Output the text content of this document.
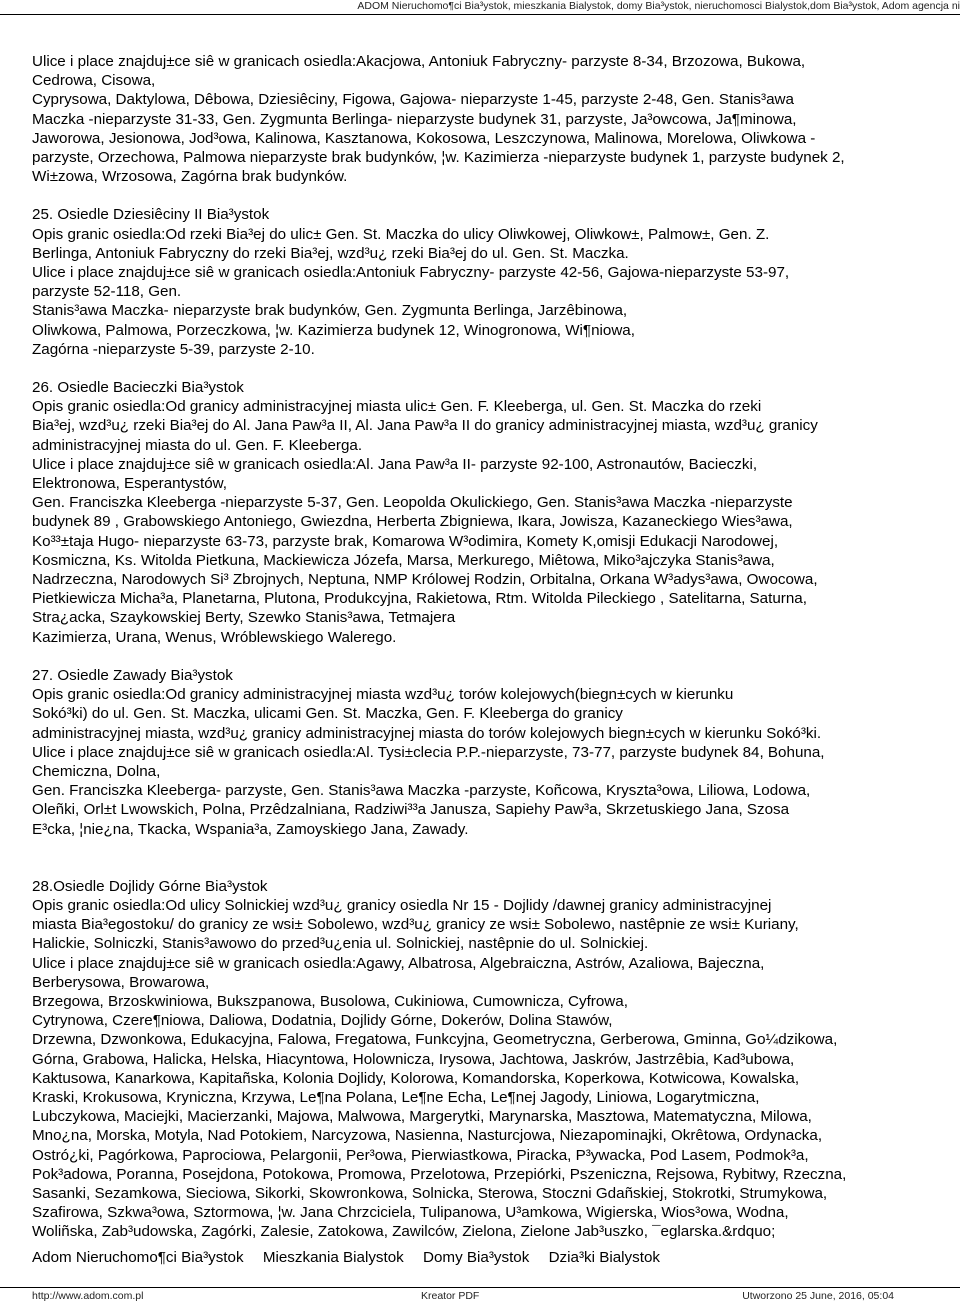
ADOM Nieruchomo¶ci Bia³ystok, mieszkania Bialystok, domy Bia³ystok, nieruchomosci Bialystok,dom Bia³ystok, Adom agencja ni

Ulice i place znajduj±ce siê w granicach osiedla:Akacjowa, Antoniuk Fabryczny- parzyste 8-34, Brzozowa, Bukowa,

Cedrowa, Cisowa,

Cyprysowa, Daktylowa, Dêbowa, Dziesiêciny, Figowa, Gajowa- nieparzyste 1-45, parzyste 2-48, Gen. Stanis³awa

Maczka -nieparzyste 31-33, Gen. Zygmunta Berlinga- nieparzyste budynek 31, parzyste, Ja³owcowa, Ja¶minowa,

Jaworowa, Jesionowa, Jod³owa, Kalinowa, Kasztanowa, Kokosowa, Leszczynowa, Malinowa, Morelowa, Oliwkowa -

parzyste, Orzechowa, Palmowa nieparzyste brak budynków, ¦w. Kazimierza -nieparzyste budynek 1, parzyste budynek 2,

Wi±zowa, Wrzosowa, Zagórna brak budynków.

25. Osiedle Dziesiêciny II Bia³ystok

Opis granic osiedla:Od rzeki Bia³ej do ulic± Gen. St. Maczka do ulicy Oliwkowej, Oliwkow±, Palmow±, Gen. Z.

Berlinga, Antoniuk Fabryczny do rzeki Bia³ej, wzd³u¿ rzeki Bia³ej do ul. Gen. St. Maczka.

Ulice i place znajduj±ce siê w granicach osiedla:Antoniuk Fabryczny- parzyste 42-56, Gajowa-nieparzyste 53-97,

parzyste 52-118, Gen.

Stanis³awa Maczka- nieparzyste brak budynków, Gen. Zygmunta Berlinga, Jarzêbinowa,

Oliwkowa, Palmowa, Porzeczkowa, ¦w. Kazimierza budynek 12, Winogronowa, Wi¶niowa,

Zagórna -nieparzyste 5-39, parzyste 2-10.

26. Osiedle Bacieczki Bia³ystok

Opis granic osiedla:Od granicy administracyjnej miasta ulic± Gen. F. Kleeberga, ul. Gen. St. Maczka do rzeki

Bia³ej, wzd³u¿ rzeki Bia³ej do Al. Jana Paw³a II, Al. Jana Paw³a II do granicy administracyjnej miasta, wzd³u¿ granicy

administracyjnej miasta do ul. Gen. F. Kleeberga.

Ulice i place znajduj±ce siê w granicach osiedla:Al. Jana Paw³a II- parzyste 92-100, Astronautów, Bacieczki,

Elektronowa, Esperantystów,

Gen. Franciszka Kleeberga -nieparzyste 5-37, Gen. Leopolda Okulickiego, Gen. Stanis³awa Maczka -nieparzyste

budynek 89 , Grabowskiego Antoniego, Gwiezdna, Herberta Zbigniewa, Ikara, Jowisza, Kazaneckiego Wies³awa,

Ko³³±taja Hugo- nieparzyste 63-73, parzyste brak, Komarowa W³odimira, Komety K,omisji Edukacji Narodowej,

Kosmiczna, Ks. Witolda Pietkuna, Mackiewicza Józefa, Marsa, Merkurego, Miêtowa, Miko³ajczyka Stanis³awa,

Nadrzeczna, Narodowych Si³ Zbrojnych, Neptuna, NMP Królowej Rodzin, Orbitalna, Orkana W³adys³awa, Owocowa,

Pietkiewicza Micha³a, Planetarna, Plutona, Produkcyjna, Rakietowa, Rtm. Witolda Pileckiego , Satelitarna, Saturna,

Stra¿acka, Szaykowskiej Berty, Szewko Stanis³awa, Tetmajera

Kazimierza, Urana, Wenus, Wróblewskiego Walerego.

27. Osiedle Zawady Bia³ystok

Opis granic osiedla:Od granicy administracyjnej miasta wzd³u¿ torów kolejowych(biegn±cych w kierunku

Sokó³ki) do ul. Gen. St. Maczka, ulicami Gen. St. Maczka, Gen. F. Kleeberga do granicy

administracyjnej miasta, wzd³u¿ granicy administracyjnej miasta do torów kolejowych biegn±cych w kierunku Sokó³ki.

Ulice i place znajduj±ce siê w granicach osiedla:Al. Tysi±clecia P.P.-nieparzyste, 73-77, parzyste budynek 84, Bohuna,

Chemiczna, Dolna,

Gen. Franciszka Kleeberga- parzyste, Gen. Stanis³awa Maczka -parzyste, Koñcowa, Kryszta³owa, Liliowa, Lodowa,

Oleñki, Orl±t Lwowskich, Polna, Przêdzalniana, Radziwi³³a Janusza, Sapiehy Paw³a, Skrzetuskiego Jana, Szosa

E³cka, ¦nie¿na, Tkacka, Wspania³a, Zamoyskiego Jana, Zawady.

28.Osiedle Dojlidy Górne Bia³ystok

Opis granic osiedla:Od ulicy Solnickiej wzd³u¿ granicy osiedla Nr 15 - Dojlidy /dawnej granicy administracyjnej

miasta Bia³egostoku/ do granicy ze wsi± Sobolewo, wzd³u¿ granicy ze wsi± Sobolewo, nastêpnie ze wsi± Kuriany,

Halickie, Solniczki, Stanis³awowo do przed³u¿enia ul. Solnickiej, nastêpnie do ul. Solnickiej.

Ulice i place znajduj±ce siê w granicach osiedla:Agawy, Albatrosa, Algebraiczna, Astrów, Azaliowa, Bajeczna,

Berberysowa, Browarowa,

Brzegowa, Brzoskwiniowa, Bukszpanowa, Busolowa, Cukiniowa, Cumownicza, Cyfrowa,

Cytrynowa, Czere¶niowa, Daliowa, Dodatnia, Dojlidy Górne, Dokerów, Dolina Stawów,

Drzewna, Dzwonkowa, Edukacyjna, Falowa, Fregatowa, Funkcyjna, Geometryczna, Gerberowa, Gminna, Go¼dzikowa,

Górna, Grabowa, Halicka, Helska, Hiacyntowa, Holownicza, Irysowa, Jachtowa, Jaskrów, Jastrzêbia, Kad³ubowa,

Kaktusowa, Kanarkowa, Kapitañska, Kolonia Dojlidy, Kolorowa, Komandorska, Koperkowa, Kotwicowa, Kowalska,

Kraski, Krokusowa, Kryniczna, Krzywa, Le¶na Polana, Le¶ne Echa, Le¶nej Jagody, Liniowa, Logarytmiczna,

Lubczykowa, Maciejki, Macierzanki, Majowa, Malwowa, Margerytki, Marynarska, Masztowa, Matematyczna, Milowa,

Mno¿na, Morska, Motyla, Nad Potokiem, Narcyzowa, Nasienna, Nasturcjowa, Niezapominajki, Okrêtowa, Ordynacka,

Ostró¿ki, Pagórkowa, Paprociowa, Pelargonii, Per³owa, Pierwiastkowa, Piracka, P³ywacka, Pod Lasem, Podmok³a,

Pok³adowa, Poranna, Posejdona, Potokowa, Promowa, Przelotowa, Przepiórki, Pszeniczna, Rejsowa, Rybitwy, Rzeczna,

Sasanki, Sezamkowa, Sieciowa, Sikorki, Skowronkowa, Solnicka, Sterowa, Stoczni Gdañskiej, Stokrotki, Strumykowa,

Szafirowa, Szkwa³owa, Sztormowa, ¦w. Jana Chrzciciela, Tulipanowa, U³amkowa, Wigierska, Wios³owa, Wodna,

Woliñska, Zab³udowska, Zagórki, Zalesie, Zatokowa, Zawilców, Zielona, Zielone Jab³uszko, ¯eglarska.&rdquo;

Adom Nieruchomo¶ci Bia³ystok Mieszkania Bialystok Domy Bia³ystok Dzia³ki Bialystok
http://www.adom.com.pl	Kreator PDF	Utworzono 25 June, 2016, 05:04
